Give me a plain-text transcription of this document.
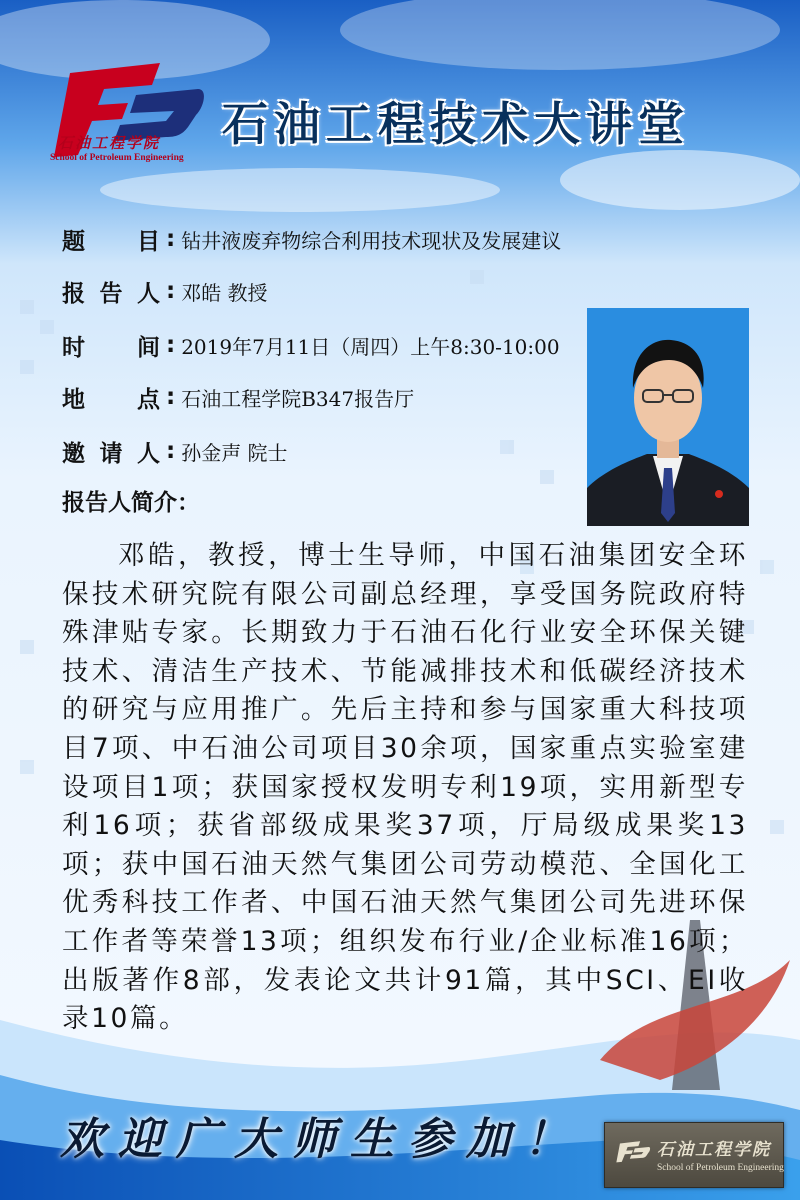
石油工程学院
School of Petroleum Engineering
石油工程技术大讲堂
题 目 : 钻井液废弃物综合利用技术现状及发展建议
报 告 人 : 邓皓 教授
时 间 : 2019年7月11日（周四）上午8:30-10:00
地 点 : 石油工程学院B347报告厅
邀 请 人 : 孙金声 院士
报告人简介：

邓皓，教授，博士生导师，中国石油集团安全环保技术研究院有限公司副总经理，享受国务院政府特殊津贴专家。长期致力于石油石化行业安全环保关键技术、清洁生产技术、节能减排技术和低碳经济技术的研究与应用推广。先后主持和参与国家重大科技项目7项、中石油公司项目30余项，国家重点实验室建设项目1项；获国家授权发明专利19项，实用新型专利16项；获省部级成果奖37项，厅局级成果奖13项；获中国石油天然气集团公司劳动模范、全国化工优秀科技工作者、中国石油天然气集团公司先进环保工作者等荣誉13项；组织发布行业/企业标准16项；出版著作8部，发表论文共计91篇，其中SCI、EI收录10篇。

欢迎广大师生参加！	石油工程学院
School of Petroleum Engineering
